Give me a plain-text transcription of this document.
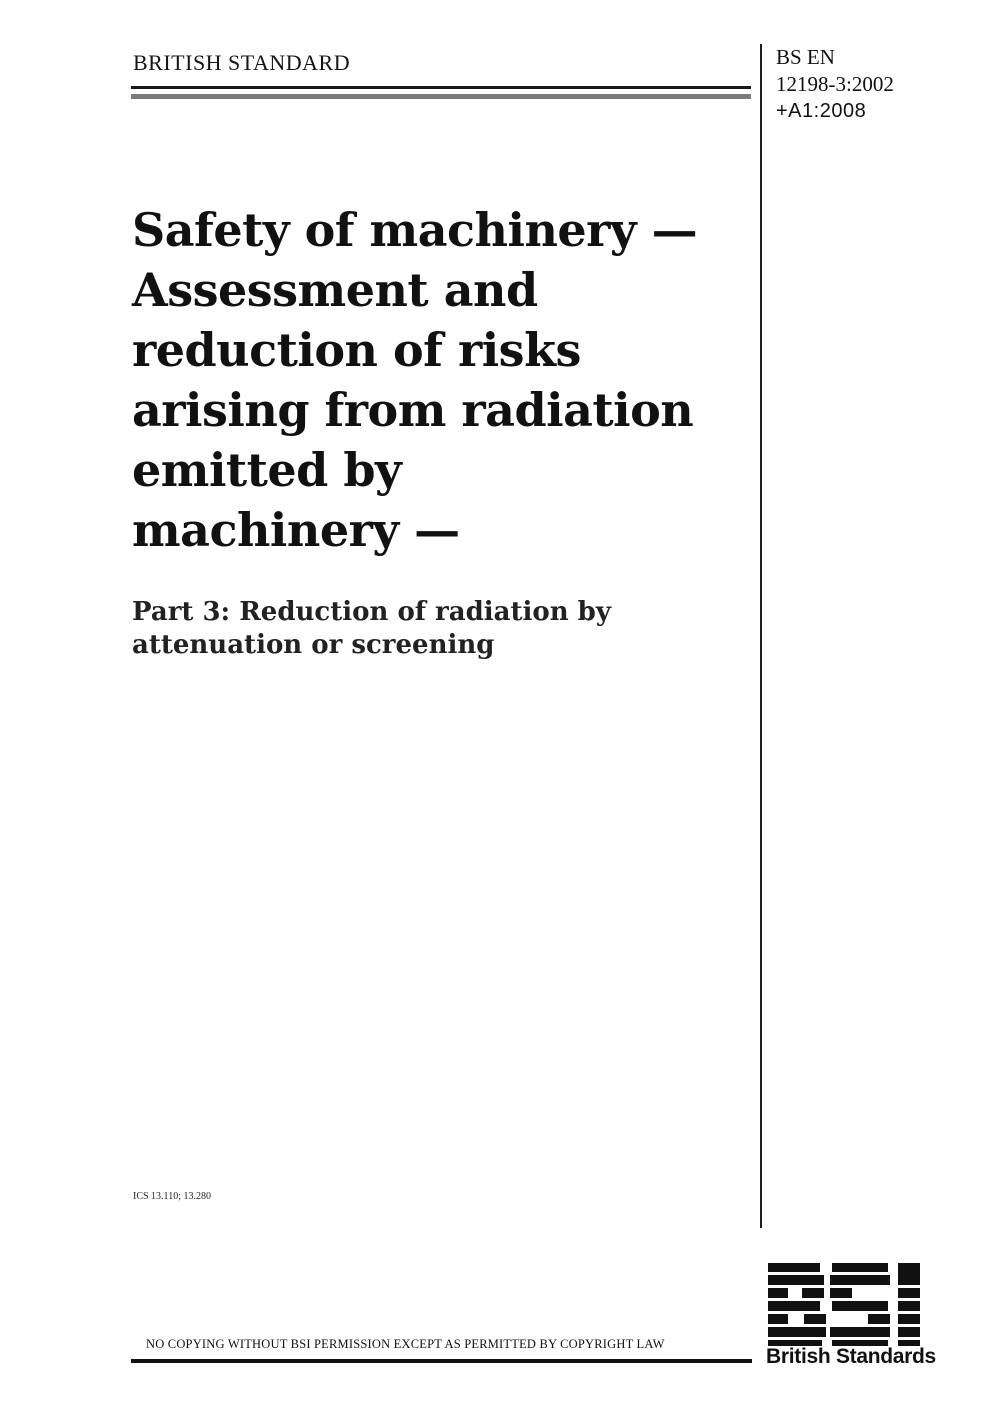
BRITISH STANDARD	BS EN
12198-3:2002
+A1:2008
Safety of machinery —
Assessment and
reduction of risks
arising from radiation
emitted by
machinery —
Part 3: Reduction of radiation by
attenuation or screening
ICS 13.110; 13.280
NO COPYING WITHOUT BSI PERMISSION EXCEPT AS PERMITTED BY COPYRIGHT LAW
British Standards
